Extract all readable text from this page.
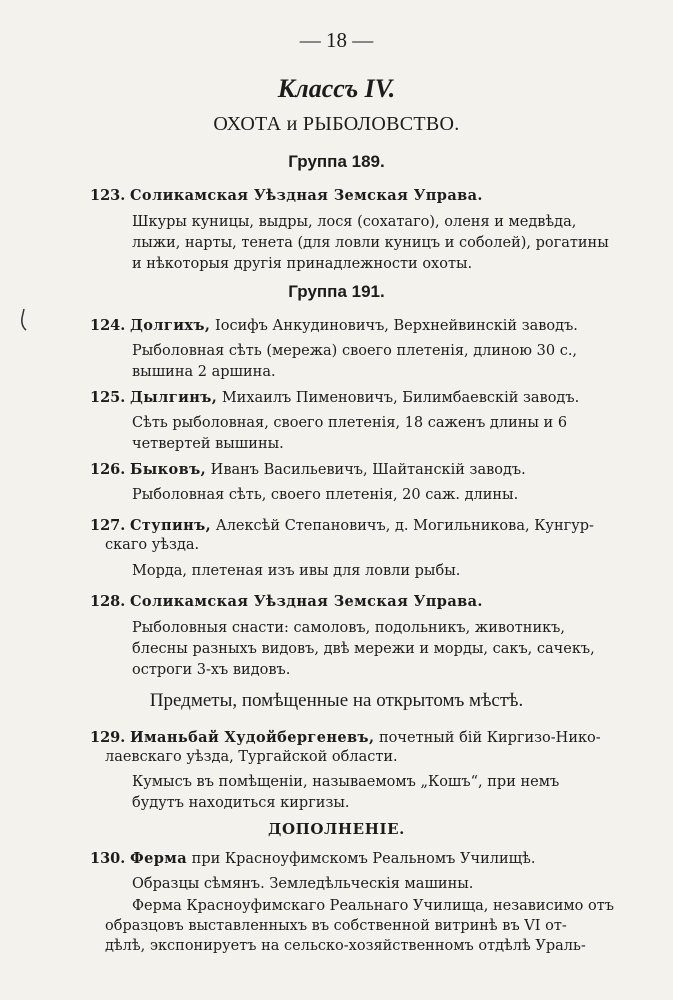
— 18 —
Классъ IV.
ОХОТА и РЫБОЛОВСТВО.
Группа 189.
123. Соликамская Уѣздная Земская Управа.
Шкуры куницы, выдры, лося (сохатаго), оленя и медвѣда,
лыжи, нарты, тенета (для ловли куницъ и соболей), рогатины
и нѣкоторыя другія принадлежности охоты.
Группа 191.
124. Долгихъ, Іосифъ Анкудиновичъ, Верхнейвинскій заводъ.
Рыболовная сѣть (мережа) своего плетенія, длиною 30 с.,
вышина 2 аршина.
125. Дылгинъ, Михаилъ Пименовичъ, Билимбаевскій заводъ.
Сѣть рыболовная, своего плетенія, 18 саженъ длины и 6
четвертей вышины.
126. Быковъ, Иванъ Васильевичъ, Шайтанскій заводъ.
Рыболовная сѣть, своего плетенія, 20 саж. длины.
127. Ступинъ, Алексѣй Степановичъ, д. Могильникова, Кунгур-
скаго уѣзда.
Морда, плетеная изъ ивы для ловли рыбы.
128. Соликамская Уѣздная Земская Управа.
Рыболовныя снасти: самоловъ, подольникъ, животникъ,
блесны разныхъ видовъ, двѣ мережи и морды, сакъ, сачекъ,
остроги 3-хъ видовъ.
Предметы, помѣщенные на открытомъ мѣстѣ.
129. Иманьбай Худойбергеневъ, почетный бій Киргизо-Нико-
лаевскаго уѣзда, Тургайской области.
Кумысъ въ помѣщеніи, называемомъ „Кошъ“, при немъ
будутъ находиться киргизы.
ДОПОЛНЕНІЕ.
130. Ферма при Красноуфимскомъ Реальномъ Училищѣ.
Образцы сѣмянъ. Земледѣльческія машины.
Ферма Красноуфимскаго Реальнаго Училища, независимо отъ
образцовъ выставленныхъ въ собственной витринѣ въ VI от-
дѣлѣ, экспонируетъ на сельско-хозяйственномъ отдѣлѣ Ураль-
